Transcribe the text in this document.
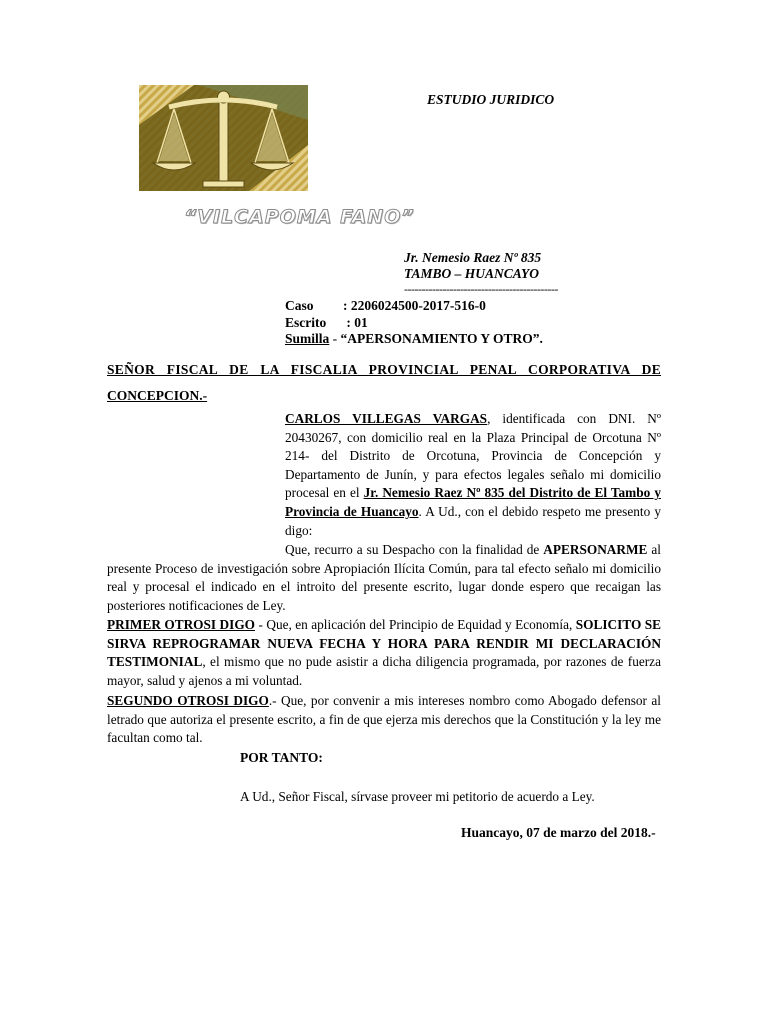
ESTUDIO JURIDICO
“VILCAPOMA FANO”
Jr. Nemesio Raez Nº 835
TAMBO – HUANCAYO
--------------------------------------------
Caso : 2206024500-2017-516-0
Escrito : 01
Sumilla - “APERSONAMIENTO Y OTRO”.
SEÑOR FISCAL DE LA FISCALIA PROVINCIAL PENAL CORPORATIVA DE
CONCEPCION.-
CARLOS VILLEGAS VARGAS, identificada con DNI. Nº 20430267, con domicilio real en la Plaza Principal de Orcotuna Nº 214- del Distrito de Orcotuna, Provincia de Concepción y Departamento de Junín, y para efectos legales señalo mi domicilio procesal en el Jr. Nemesio Raez Nº 835 del Distrito de El Tambo y Provincia de Huancayo. A Ud., con el debido respeto me presento y digo:
Que, recurro a su Despacho con la finalidad de APERSONARME al presente Proceso de investigación sobre Apropiación Ilícita Común, para tal efecto señalo mi domicilio real y procesal el indicado en el introito del presente escrito, lugar donde espero que recaigan las posteriores notificaciones de Ley.
PRIMER OTROSI DIGO - Que, en aplicación del Principio de Equidad y Economía, SOLICITO SE SIRVA REPROGRAMAR NUEVA FECHA Y HORA PARA RENDIR MI DECLARACIÓN TESTIMONIAL, el mismo que no pude asistir a dicha diligencia programada, por razones de fuerza mayor, salud y ajenos a mi voluntad.
SEGUNDO OTROSI DIGO.- Que, por convenir a mis intereses nombro como Abogado defensor al letrado que autoriza el presente escrito, a fin de que ejerza mis derechos que la Constitución y la ley me facultan como tal.
POR TANTO:
A Ud., Señor Fiscal, sírvase proveer mi petitorio de acuerdo a Ley.
Huancayo, 07 de marzo del 2018.-
